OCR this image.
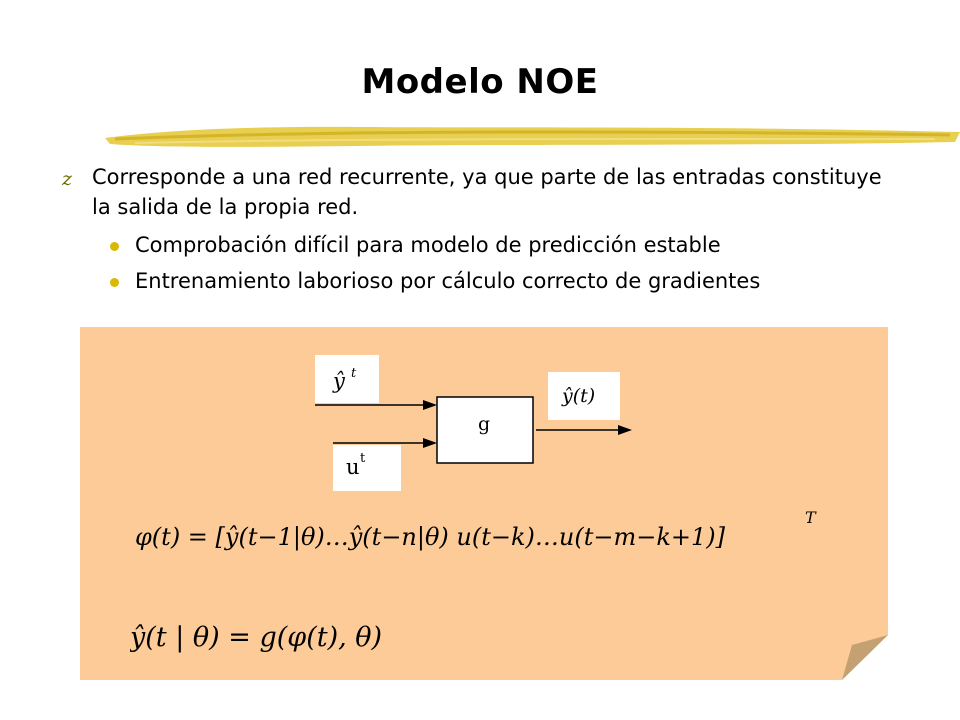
Modelo NOE
z Corresponde a una red recurrente, ya que parte de las entradas constituye la salida de la propia red.
Comprobación difícil para modelo de predicción estable
Entrenamiento laborioso por cálculo correcto de gradientes
ŷ t
u t
ŷ(t)
g
φ(t) = [ŷ(t−1|θ)…ŷ(t−n|θ) u(t−k)…u(t−m−k+1)]
T
ŷ(t | θ) = g(φ(t), θ)
